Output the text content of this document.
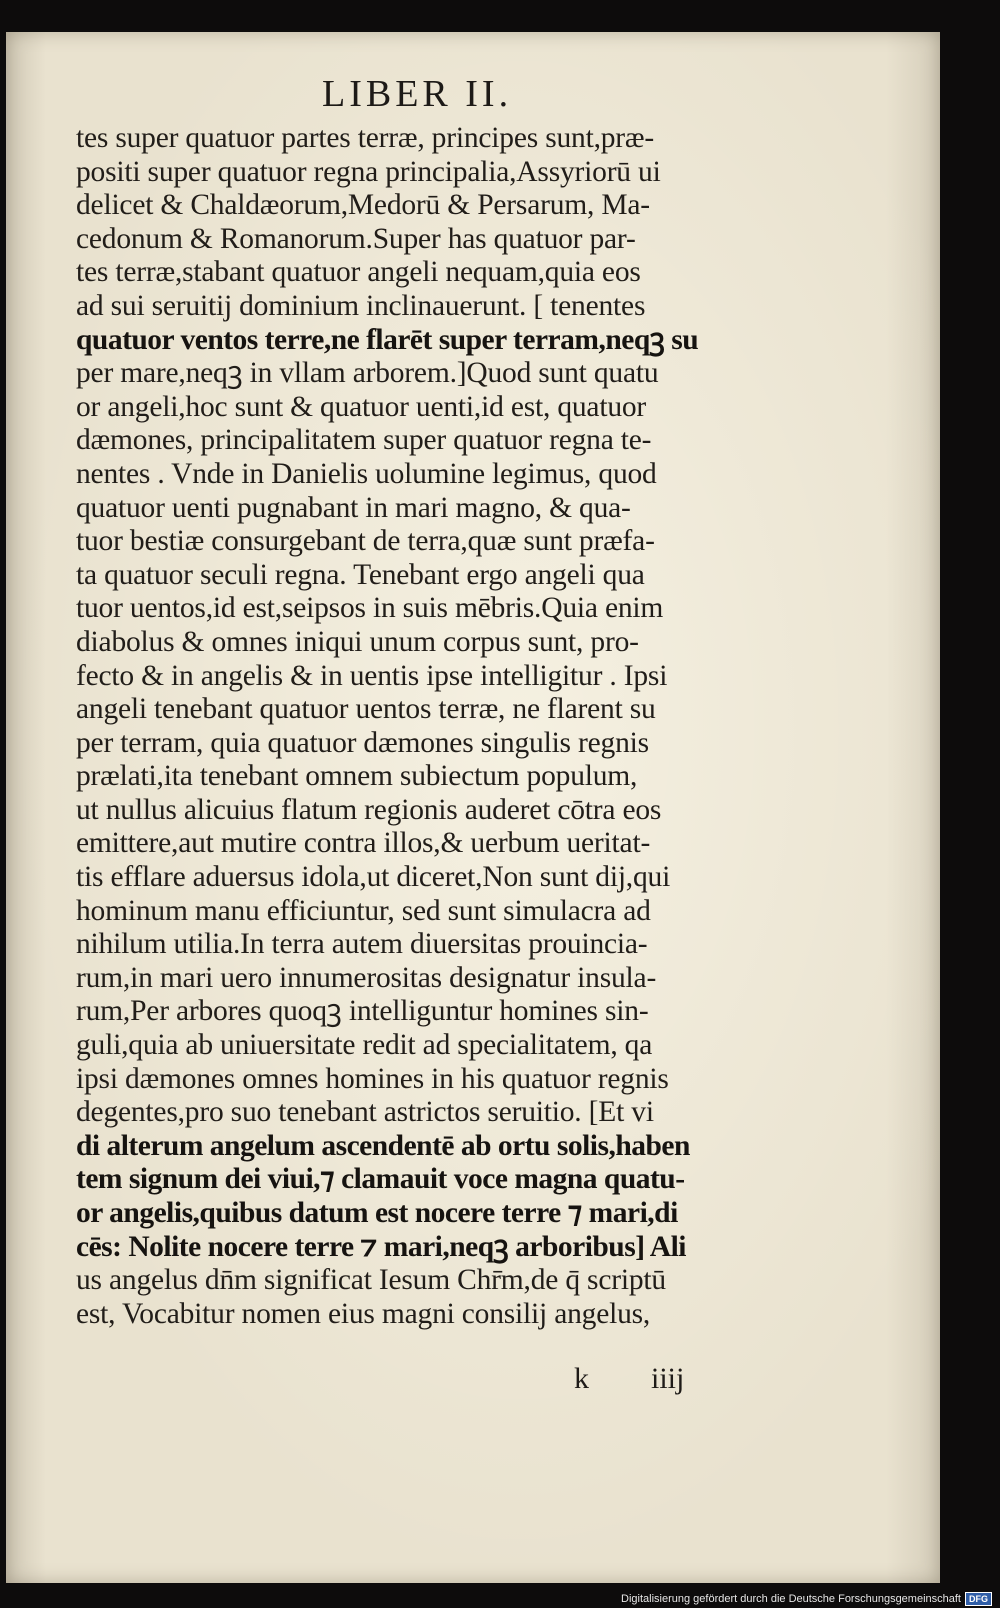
LIBER II.
tes super quatuor partes terræ, principes sunt,præ-
positi super quatuor regna principalia,Assyriorū ui
delicet & Chaldæorum,Medorū & Persarum, Ma-
cedonum & Romanorum.Super has quatuor par-
tes terræ,stabant quatuor angeli nequam,quia eos
ad sui seruitij dominium inclinauerunt. [ tenentes
quatuor ventos terre,ne flarēt super terram,neqꝫ su
per mare,neqꝫ in vllam arborem.]Quod sunt quatu
or angeli,hoc sunt & quatuor uenti,id est, quatuor
dæmones, principalitatem super quatuor regna te-
nentes . Vnde in Danielis uolumine legimus, quod
quatuor uenti pugnabant in mari magno, & qua-
tuor bestiæ consurgebant de terra,quæ sunt præfa-
ta quatuor seculi regna. Tenebant ergo angeli qua
tuor uentos,id est,seipsos in suis mēbris.Quia enim
diabolus & omnes iniqui unum corpus sunt, pro-
fecto & in angelis & in uentis ipse intelligitur . Ipsi
angeli tenebant quatuor uentos terræ, ne flarent su
per terram, quia quatuor dæmones singulis regnis
prælati,ita tenebant omnem subiectum populum,
ut nullus alicuius flatum regionis auderet cōtra eos
emittere,aut mutire contra illos,& uerbum ueritat-
tis efflare aduersus idola,ut diceret,Non sunt dij,qui
hominum manu efficiuntur, sed sunt simulacra ad
nihilum utilia.In terra autem diuersitas prouincia-
rum,in mari uero innumerositas designatur insula-
rum,Per arbores quoqꝫ intelliguntur homines sin-
guli,quia ab uniuersitate redit ad specialitatem, qa
ipsi dæmones omnes homines in his quatuor regnis
degentes,pro suo tenebant astrictos seruitio. [Et vi
di alterum angelum ascendentē ab ortu solis,haben
tem signum dei viui,⁊ clamauit voce magna quatu-
or angelis,quibus datum est nocere terre ⁊ mari,di
cēs: Nolite nocere terre ⁊ mari,neqꝫ arboribus] Ali
us angelus dn̄m significat Iesum Chr̄m,de q̄ scriptū
est, Vocabitur nomen eius magni consilij angelus,
k iiij
Digitalisierung gefördert durch die Deutsche Forschungsgemeinschaft DFG
